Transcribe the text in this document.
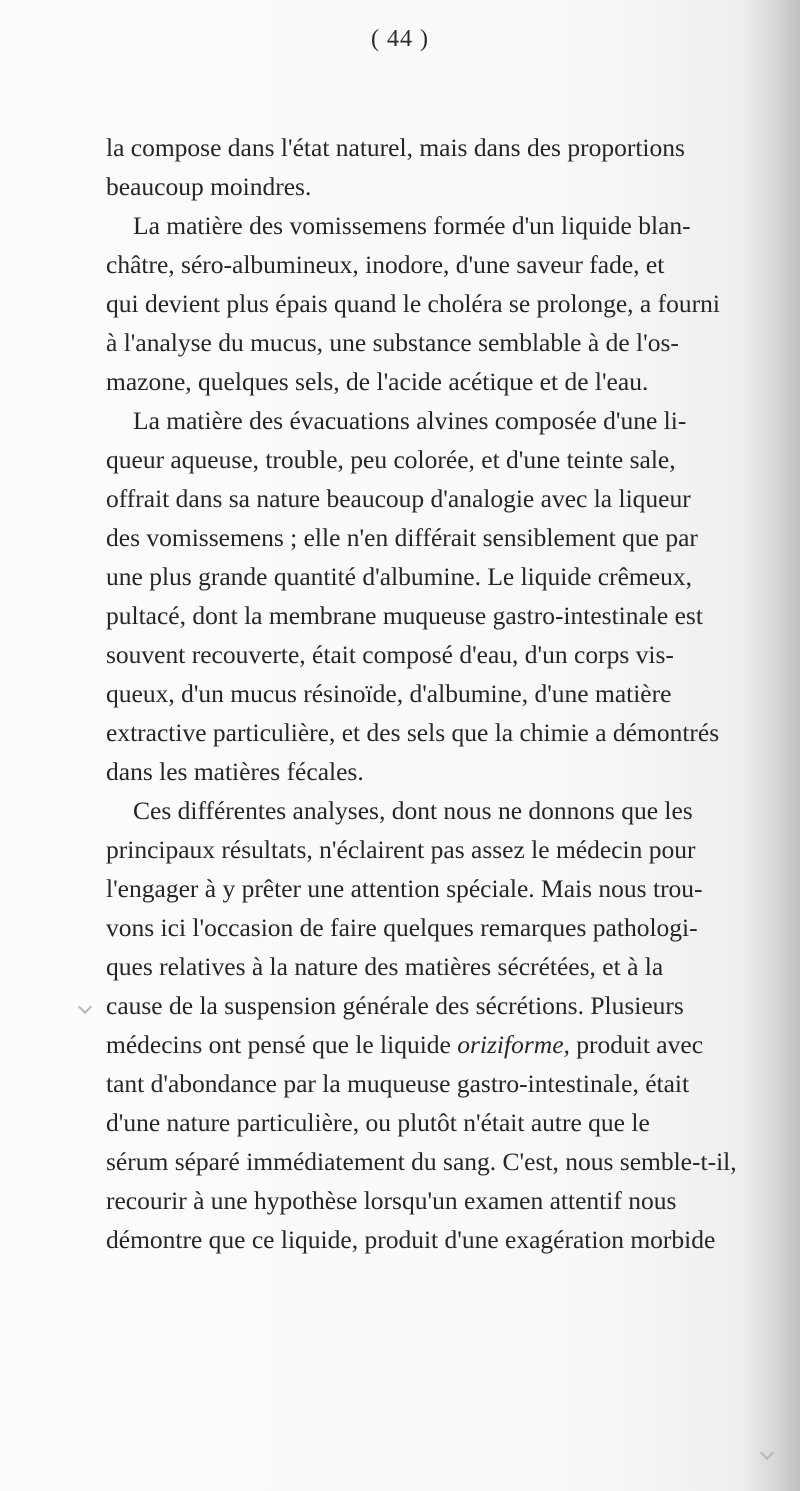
( 44 )
la compose dans l'état naturel, mais dans des proportions
beaucoup moindres.
La matière des vomissemens formée d'un liquide blan-
châtre, séro-albumineux, inodore, d'une saveur fade, et
qui devient plus épais quand le choléra se prolonge, a fourni
à l'analyse du mucus, une substance semblable à de l'os-
mazone, quelques sels, de l'acide acétique et de l'eau.
La matière des évacuations alvines composée d'une li-
queur aqueuse, trouble, peu colorée, et d'une teinte sale,
offrait dans sa nature beaucoup d'analogie avec la liqueur
des vomissemens ; elle n'en différait sensiblement que par
une plus grande quantité d'albumine. Le liquide crêmeux,
pultacé, dont la membrane muqueuse gastro-intestinale est
souvent recouverte, était composé d'eau, d'un corps vis-
queux, d'un mucus résinoïde, d'albumine, d'une matière
extractive particulière, et des sels que la chimie a démontrés
dans les matières fécales.
Ces différentes analyses, dont nous ne donnons que les
principaux résultats, n'éclairent pas assez le médecin pour
l'engager à y prêter une attention spéciale. Mais nous trou-
vons ici l'occasion de faire quelques remarques pathologi-
ques relatives à la nature des matières sécrétées, et à la
cause de la suspension générale des sécrétions. Plusieurs
médecins ont pensé que le liquide oriziforme, produit avec
tant d'abondance par la muqueuse gastro-intestinale, était
d'une nature particulière, ou plutôt n'était autre que le
sérum séparé immédiatement du sang. C'est, nous semble-t-il,
recourir à une hypothèse lorsqu'un examen attentif nous
démontre que ce liquide, produit d'une exagération morbide
